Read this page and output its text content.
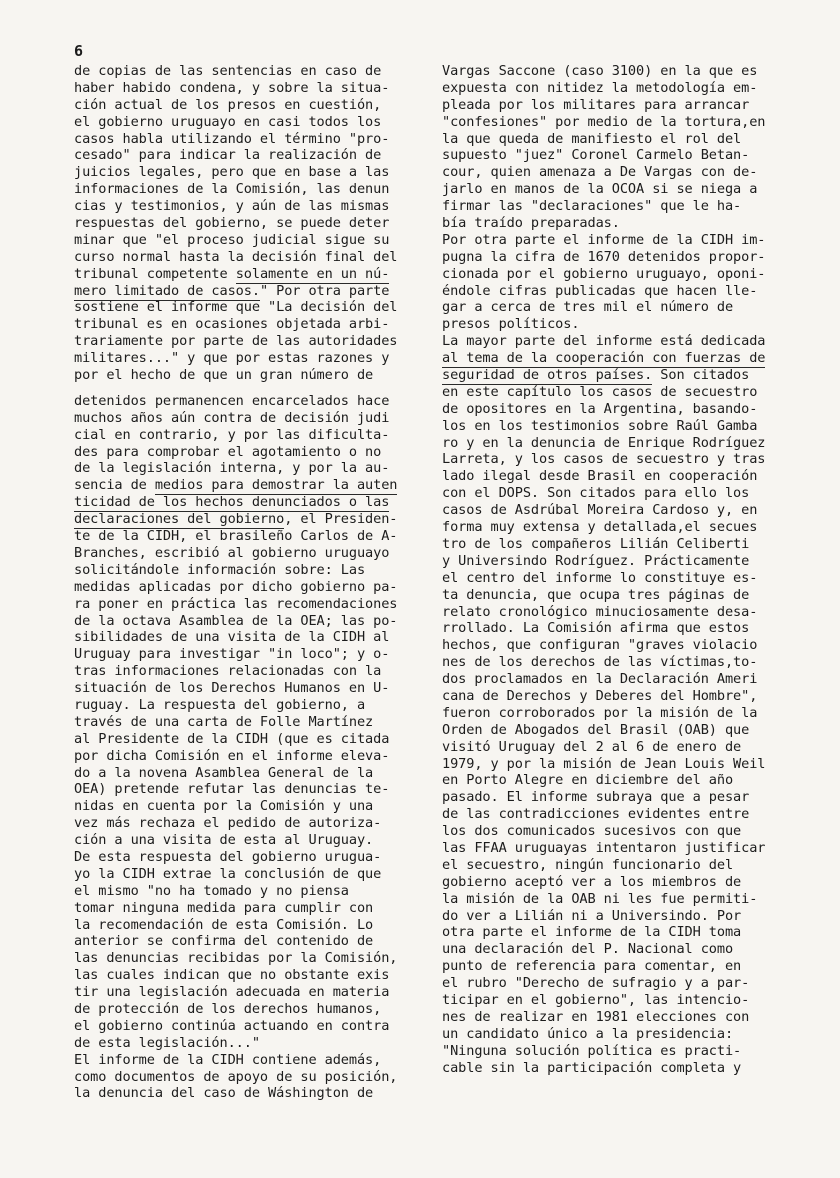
6
de copias de las sentencias en caso de
haber habido condena, y sobre la situa-
ción actual de los presos en cuestión,
el gobierno uruguayo en casi todos los
casos habla utilizando el término "pro-
cesado" para indicar la realización de
juicios legales, pero que en base a las
informaciones de la Comisión, las denun
cias y testimonios, y aún de las mismas
respuestas del gobierno, se puede deter
minar que "el proceso judicial sigue su
curso normal hasta la decisión final del
tribunal competente solamente en un nú-
mero limitado de casos." Por otra parte
sostiene el informe que "La decisión del
tribunal es en ocasiones objetada arbi-
trariamente por parte de las autoridades
militares..." y que por estas razones y
por el hecho de que un gran número de
detenidos permanencen encarcelados hace
muchos años aún contra de decisión judi
cial en contrario, y por las dificulta-
des para comprobar el agotamiento o no
de la legislación interna, y por la au-
sencia de medios para demostrar la auten
ticidad de los hechos denunciados o las
declaraciones del gobierno, el Presiden-
te de la CIDH, el brasileño Carlos de A-
Branches, escribió al gobierno uruguayo
solicitándole información sobre: Las
medidas aplicadas por dicho gobierno pa-
ra poner en práctica las recomendaciones
de la octava Asamblea de la OEA; las po-
sibilidades de una visita de la CIDH al
Uruguay para investigar "in loco"; y o-
tras informaciones relacionadas con la
situación de los Derechos Humanos en U-
ruguay. La respuesta del gobierno, a
través de una carta de Folle Martínez
al Presidente de la CIDH (que es citada
por dicha Comisión en el informe eleva-
do a la novena Asamblea General de la
OEA) pretende refutar las denuncias te-
nidas en cuenta por la Comisión y una
vez más rechaza el pedido de autoriza-
ción a una visita de esta al Uruguay.
De esta respuesta del gobierno urugua-
yo la CIDH extrae la conclusión de que
el mismo "no ha tomado y no piensa
tomar ninguna medida para cumplir con
la recomendación de esta Comisión. Lo
anterior se confirma del contenido de
las denuncias recibidas por la Comisión,
las cuales indican que no obstante exis
tir una legislación adecuada en materia
de protección de los derechos humanos,
el gobierno continúa actuando en contra
de esta legislación..."
El informe de la CIDH contiene además,
como documentos de apoyo de su posición,
la denuncia del caso de Wáshington de
Vargas Saccone (caso 3100) en la que es
expuesta con nitidez la metodología em-
pleada por los militares para arrancar
"confesiones" por medio de la tortura,en
la que queda de manifiesto el rol del
supuesto "juez" Coronel Carmelo Betan-
cour, quien amenaza a De Vargas con de-
jarlo en manos de la OCOA si se niega a
firmar las "declaraciones" que le ha-
bía traído preparadas.
Por otra parte el informe de la CIDH im-
pugna la cifra de 1670 detenidos propor-
cionada por el gobierno uruguayo, oponi-
éndole cifras publicadas que hacen lle-
gar a cerca de tres mil el número de
presos políticos.
La mayor parte del informe está dedicada
al tema de la cooperación con fuerzas de
seguridad de otros países. Son citados
en este capítulo los casos de secuestro
de opositores en la Argentina, basando-
los en los testimonios sobre Raúl Gamba
ro y en la denuncia de Enrique Rodríguez
Larreta, y los casos de secuestro y tras
lado ilegal desde Brasil en cooperación
con el DOPS. Son citados para ello los
casos de Asdrúbal Moreira Cardoso y, en
forma muy extensa y detallada,el secues
tro de los compañeros Lilián Celiberti
y Universindo Rodríguez. Prácticamente
el centro del informe lo constituye es-
ta denuncia, que ocupa tres páginas de
relato cronológico minuciosamente desa-
rrollado. La Comisión afirma que estos
hechos, que configuran "graves violacio
nes de los derechos de las víctimas,to-
dos proclamados en la Declaración Ameri
cana de Derechos y Deberes del Hombre",
fueron corroborados por la misión de la
Orden de Abogados del Brasil (OAB) que
visitó Uruguay del 2 al 6 de enero de
1979, y por la misión de Jean Louis Weil
en Porto Alegre en diciembre del año
pasado. El informe subraya que a pesar
de las contradicciones evidentes entre
los dos comunicados sucesivos con que
las FFAA uruguayas intentaron justificar
el secuestro, ningún funcionario del
gobierno aceptó ver a los miembros de
la misión de la OAB ni les fue permiti-
do ver a Lilián ni a Universindo. Por
otra parte el informe de la CIDH toma
una declaración del P. Nacional como
punto de referencia para comentar, en
el rubro "Derecho de sufragio y a par-
ticipar en el gobierno", las intencio-
nes de realizar en 1981 elecciones con
un candidato único a la presidencia:
"Ninguna solución política es practi-
cable sin la participación completa y
